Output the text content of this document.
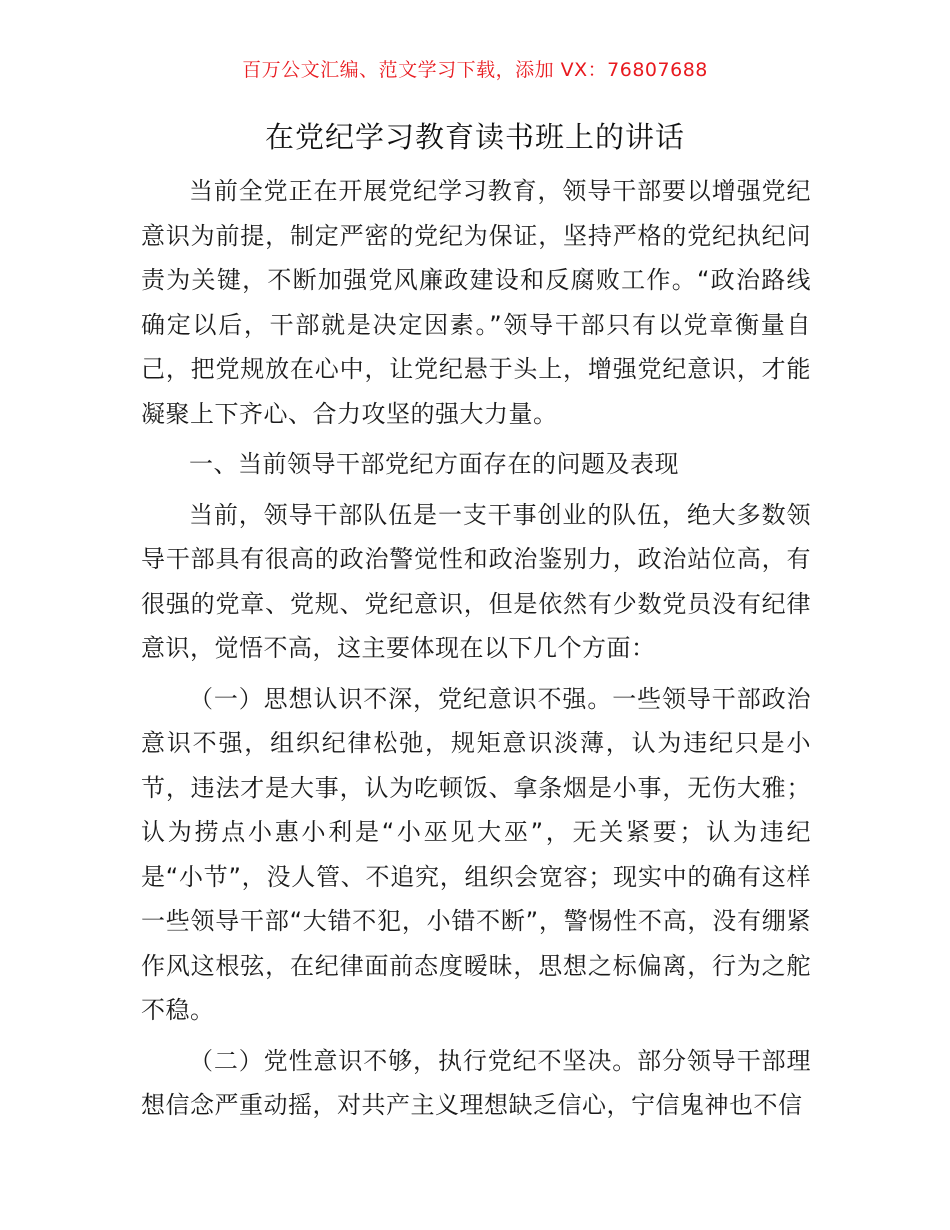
百万公文汇编、范文学习下载，添加 VX：76807688
在党纪学习教育读书班上的讲话

当前全党正在开展党纪学习教育，领导干部要以增强党纪意识为前提，制定严密的党纪为保证，坚持严格的党纪执纪问责为关键，不断加强党风廉政建设和反腐败工作。“政治路线确定以后，干部就是决定因素。”领导干部只有以党章衡量自己，把党规放在心中，让党纪悬于头上，增强党纪意识，才能凝聚上下齐心、合力攻坚的强大力量。

一、当前领导干部党纪方面存在的问题及表现

当前，领导干部队伍是一支干事创业的队伍，绝大多数领导干部具有很高的政治警觉性和政治鉴别力，政治站位高，有很强的党章、党规、党纪意识，但是依然有少数党员没有纪律意识，觉悟不高，这主要体现在以下几个方面：

（一）思想认识不深，党纪意识不强。一些领导干部政治意识不强，组织纪律松弛，规矩意识淡薄，认为违纪只是小节，违法才是大事，认为吃顿饭、拿条烟是小事，无伤大雅；认为捞点小惠小利是“小巫见大巫”，无关紧要；认为违纪是“小节”，没人管、不追究，组织会宽容；现实中的确有这样一些领导干部“大错不犯，小错不断”，警惕性不高，没有绷紧作风这根弦，在纪律面前态度暧昧，思想之标偏离，行为之舵不稳。

（二）党性意识不够，执行党纪不坚决。部分领导干部理想信念严重动摇，对共产主义理想缺乏信心，宁信鬼神也不信
